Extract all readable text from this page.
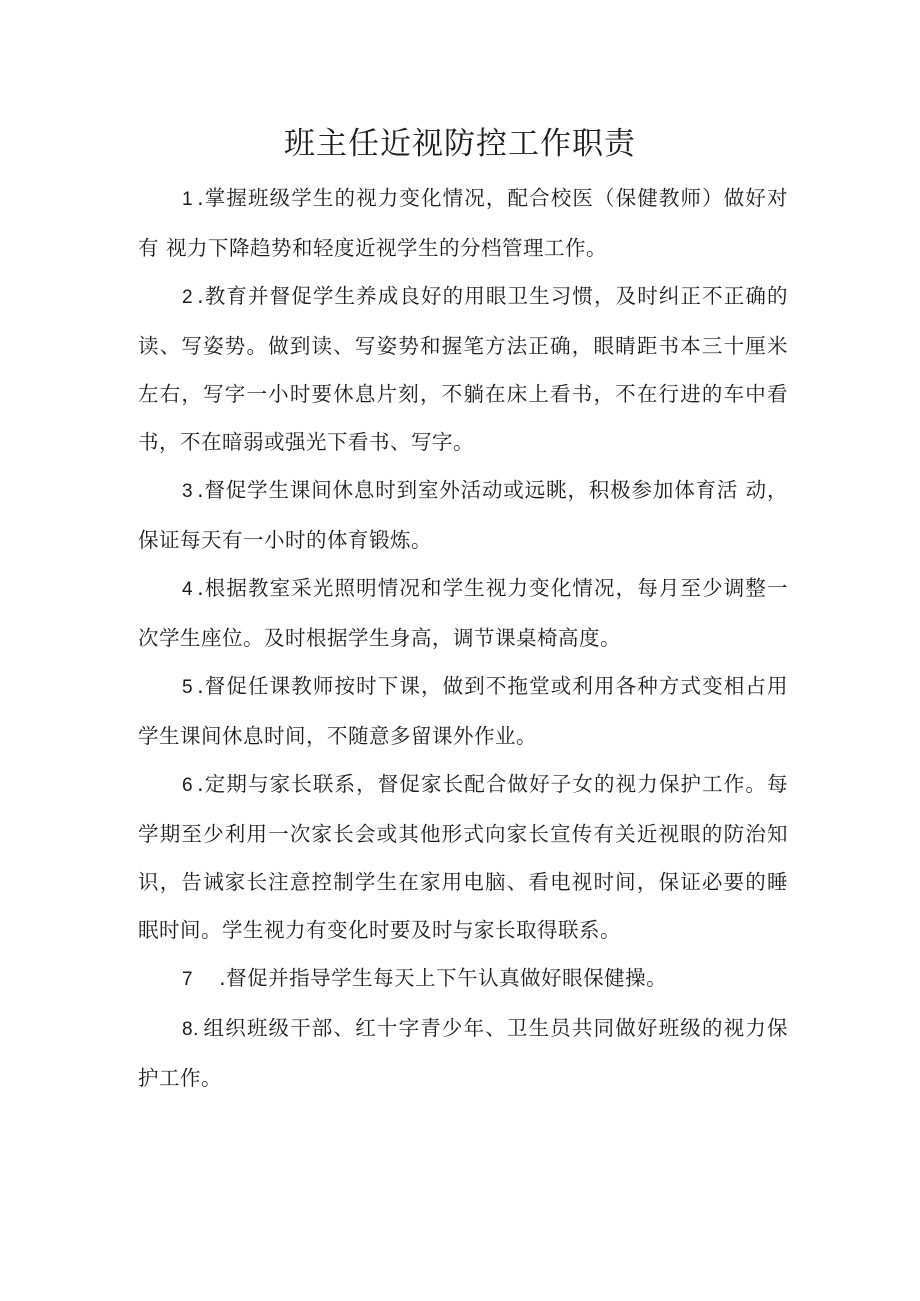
班主任近视防控工作职责

1 .掌握班级学生的视力变化情况，配合校医（保健教师）做好对有 视力下降趋势和轻度近视学生的分档管理工作。

2 .教育并督促学生养成良好的用眼卫生习惯，及时纠正不正确的读、写姿势。做到读、写姿势和握笔方法正确，眼睛距书本三十厘米左右，写字一小时要休息片刻，不躺在床上看书，不在行进的车中看书，不在暗弱或强光下看书、写字。

3 .督促学生课间休息时到室外活动或远眺，积极参加体育活 动，保证每天有一小时的体育锻炼。

4 .根据教室采光照明情况和学生视力变化情况，每月至少调整一次学生座位。及时根据学生身高，调节课桌椅高度。

5 .督促任课教师按时下课，做到不拖堂或利用各种方式变相占用学生课间休息时间，不随意多留课外作业。

6 .定期与家长联系，督促家长配合做好子女的视力保护工作。每学期至少利用一次家长会或其他形式向家长宣传有关近视眼的防治知识，告诫家长注意控制学生在家用电脑、看电视时间，保证必要的睡眠时间。学生视力有变化时要及时与家长取得联系。

7 .督促并指导学生每天上下午认真做好眼保健操。

8. 组织班级干部、红十字青少年、卫生员共同做好班级的视力保护工作。
